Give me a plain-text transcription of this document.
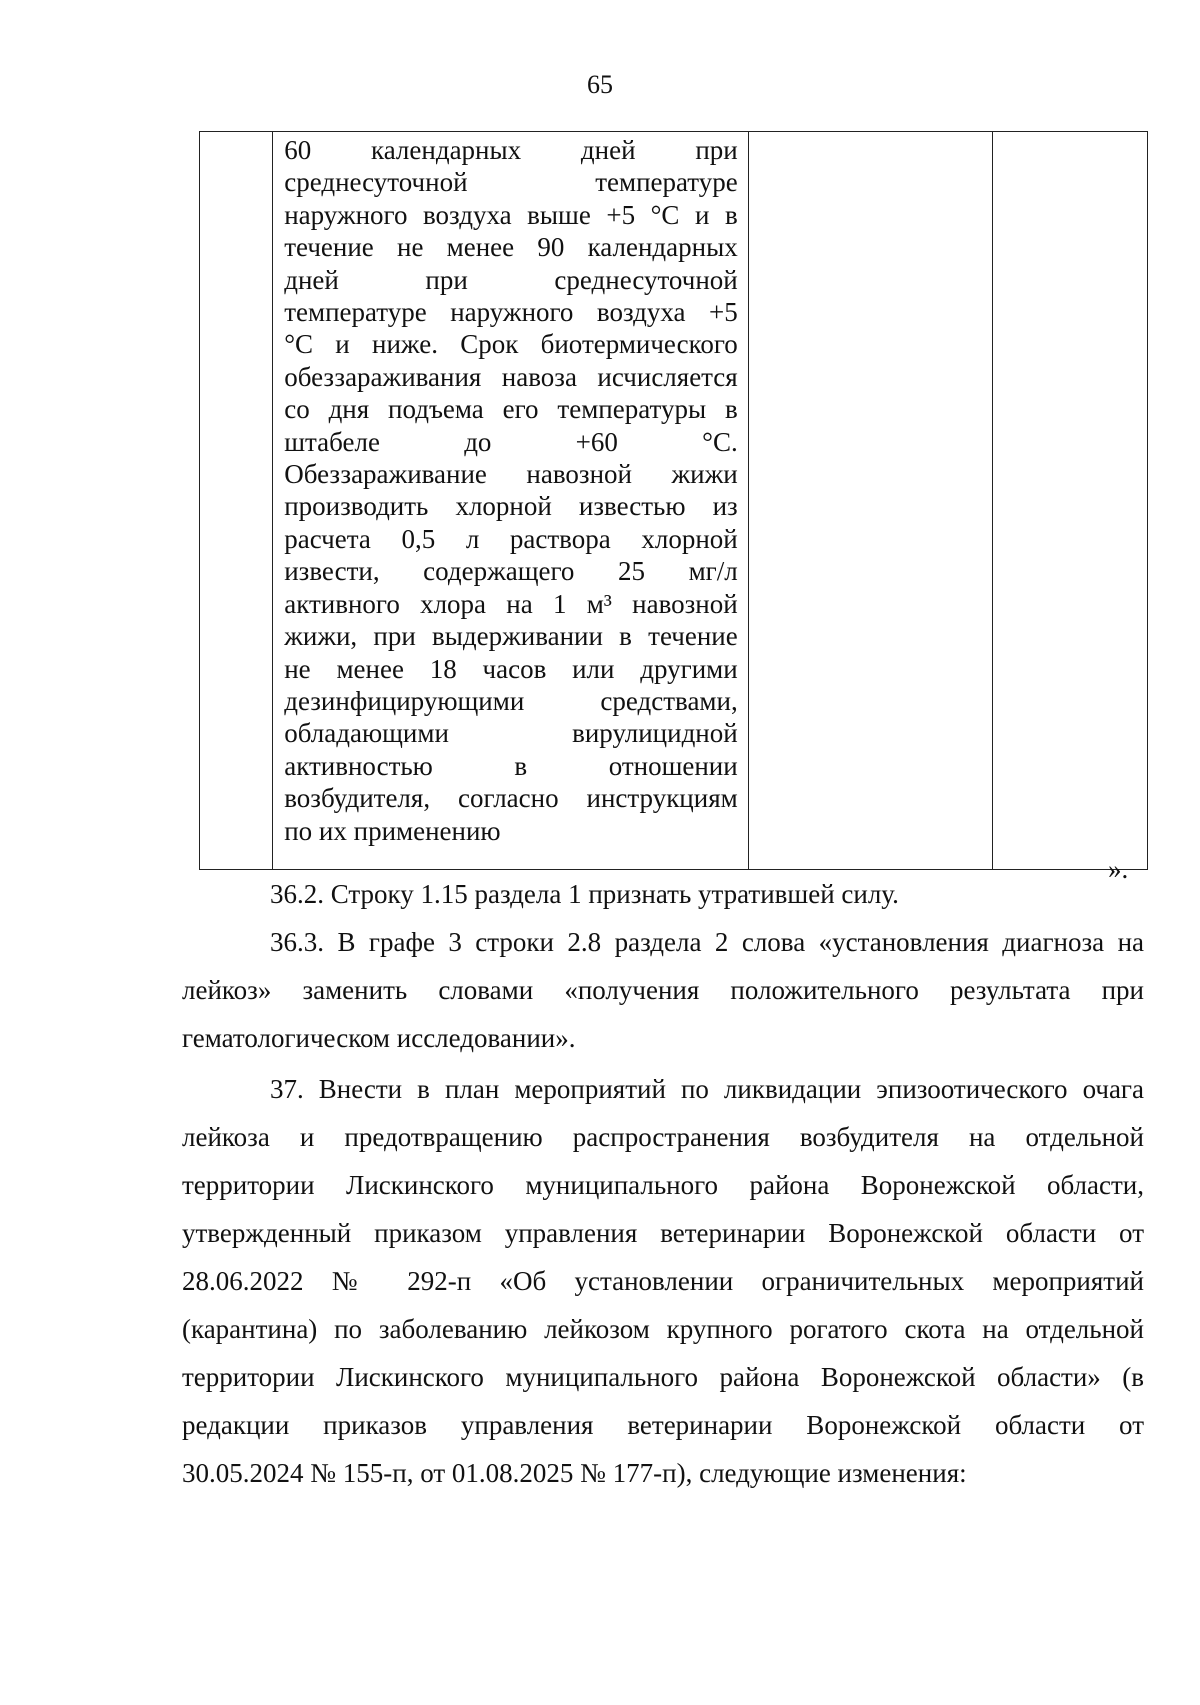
65

60 календарных дней при
среднесуточной температуре
наружного воздуха выше +5 °С и в
течение не менее 90 календарных
дней при среднесуточной
температуре наружного воздуха +5
°С и ниже. Срок биотермического
обеззараживания навоза исчисляется
со дня подъема его температуры в
штабеле до +60 °С.
Обеззараживание навозной жижи
производить хлорной известью из
расчета 0,5 л раствора хлорной
извести, содержащего 25 мг/л
активного хлора на 1 м³ навозной
жижи, при выдерживании в течение
не менее 18 часов или другими
дезинфицирующими средствами,
обладающими вирулицидной
активностью в отношении
возбудителя, согласно инструкциям
по их применению

».
36.2. Строку 1.15 раздела 1 признать утратившей силу.
36.3. В графе 3 строки 2.8 раздела 2 слова «установления диагноза на
лейкоз» заменить словами «получения положительного результата при
гематологическом исследовании».
37. Внести в план мероприятий по ликвидации эпизоотического очага
лейкоза и предотвращению распространения возбудителя на отдельной
территории Лискинского муниципального района Воронежской области,
утвержденный приказом управления ветеринарии Воронежской области от
28.06.2022 № 292-п «Об установлении ограничительных мероприятий
(карантина) по заболеванию лейкозом крупного рогатого скота на отдельной
территории Лискинского муниципального района Воронежской области» (в
редакции приказов управления ветеринарии Воронежской области от
30.05.2024 № 155-п, от 01.08.2025 № 177-п), следующие изменения:
